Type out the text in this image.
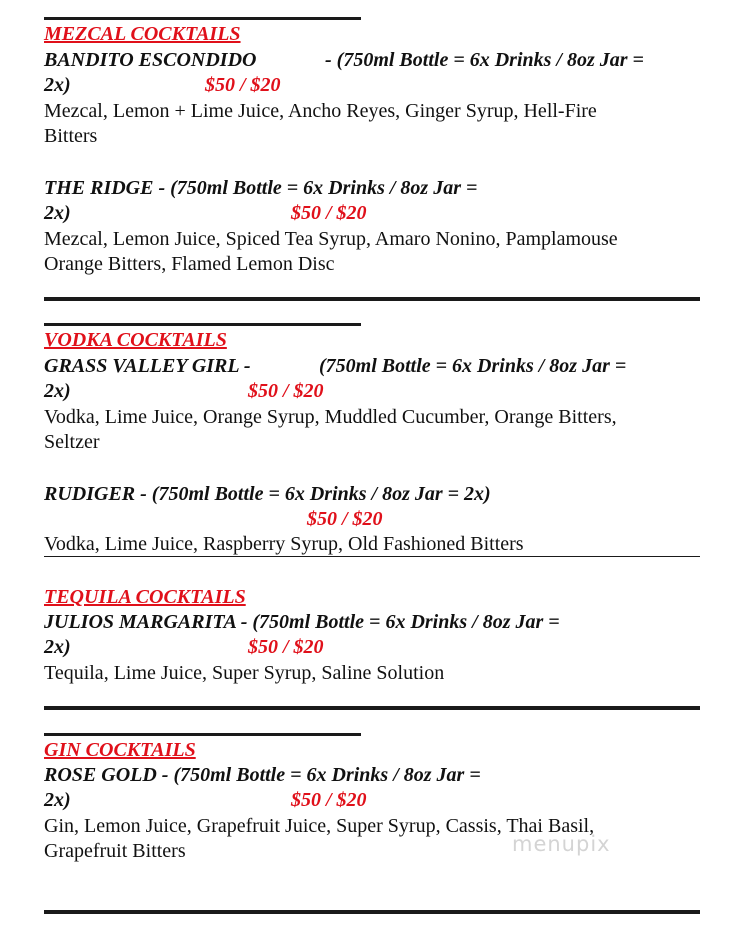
MEZCAL COCKTAILS
BANDITO ESCONDIDO	- (750ml Bottle = 6x Drinks / 8oz Jar =
2x)	$50 / $20
Mezcal, Lemon + Lime Juice, Ancho Reyes, Ginger Syrup, Hell-Fire
Bitters
THE RIDGE - (750ml Bottle = 6x Drinks / 8oz Jar =
2x)	$50 / $20
Mezcal, Lemon Juice, Spiced Tea Syrup, Amaro Nonino, Pamplamouse
Orange Bitters, Flamed Lemon Disc
VODKA COCKTAILS
GRASS VALLEY GIRL -	(750ml Bottle = 6x Drinks / 8oz Jar =
2x)	$50 / $20
Vodka, Lime Juice, Orange Syrup, Muddled Cucumber, Orange Bitters,
Seltzer
RUDIGER - (750ml Bottle = 6x Drinks / 8oz Jar = 2x)
$50 / $20
Vodka, Lime Juice, Raspberry Syrup, Old Fashioned Bitters
TEQUILA COCKTAILS
JULIOS MARGARITA - (750ml Bottle = 6x Drinks / 8oz Jar =
2x)	$50 / $20
Tequila, Lime Juice, Super Syrup, Saline Solution
GIN COCKTAILS
ROSE GOLD - (750ml Bottle = 6x Drinks / 8oz Jar =
2x)	$50 / $20
Gin, Lemon Juice, Grapefruit Juice, Super Syrup, Cassis, Thai Basil,
Grapefruit Bitters	menupix
